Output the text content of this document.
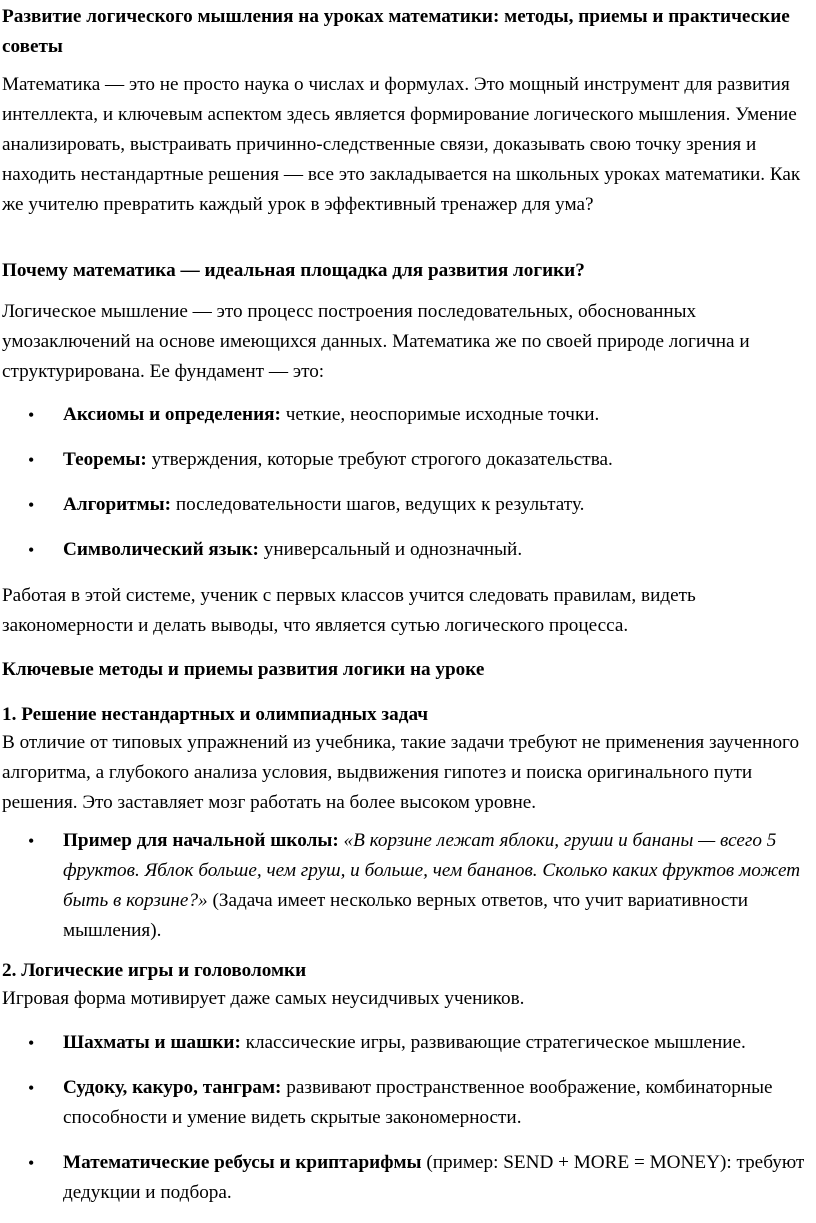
Развитие логического мышления на уроках математики: методы, приемы и практические советы

Математика — это не просто наука о числах и формулах. Это мощный инструмент для развития интеллекта, и ключевым аспектом здесь является формирование логического мышления. Умение анализировать, выстраивать причинно-следственные связи, доказывать свою точку зрения и находить нестандартные решения — все это закладывается на школьных уроках математики. Как же учителю превратить каждый урок в эффективный тренажер для ума?

Почему математика — идеальная площадка для развития логики?

Логическое мышление — это процесс построения последовательных, обоснованных умозаключений на основе имеющихся данных. Математика же по своей природе логична и структурирована. Ее фундамент — это:

• Аксиомы и определения: четкие, неоспоримые исходные точки.
• Теоремы: утверждения, которые требуют строгого доказательства.
• Алгоритмы: последовательности шагов, ведущих к результату.
• Символический язык: универсальный и однозначный.

Работая в этой системе, ученик с первых классов учится следовать правилам, видеть закономерности и делать выводы, что является сутью логического процесса.

Ключевые методы и приемы развития логики на уроке

1. Решение нестандартных и олимпиадных задач

В отличие от типовых упражнений из учебника, такие задачи требуют не применения заученного алгоритма, а глубокого анализа условия, выдвижения гипотез и поиска оригинального пути решения. Это заставляет мозг работать на более высоком уровне.

• Пример для начальной школы: «В корзине лежат яблоки, груши и бананы — всего 5 фруктов. Яблок больше, чем груш, и больше, чем бананов. Сколько каких фруктов может быть в корзине?» (Задача имеет несколько верных ответов, что учит вариативности мышления).

2. Логические игры и головоломки

Игровая форма мотивирует даже самых неусидчивых учеников.

• Шахматы и шашки: классические игры, развивающие стратегическое мышление.
• Судоку, какуро, танграм: развивают пространственное воображение, комбинаторные способности и умение видеть скрытые закономерности.
• Математические ребусы и криптарифмы (пример: SEND + MORE = MONEY): требуют дедукции и подбора.
